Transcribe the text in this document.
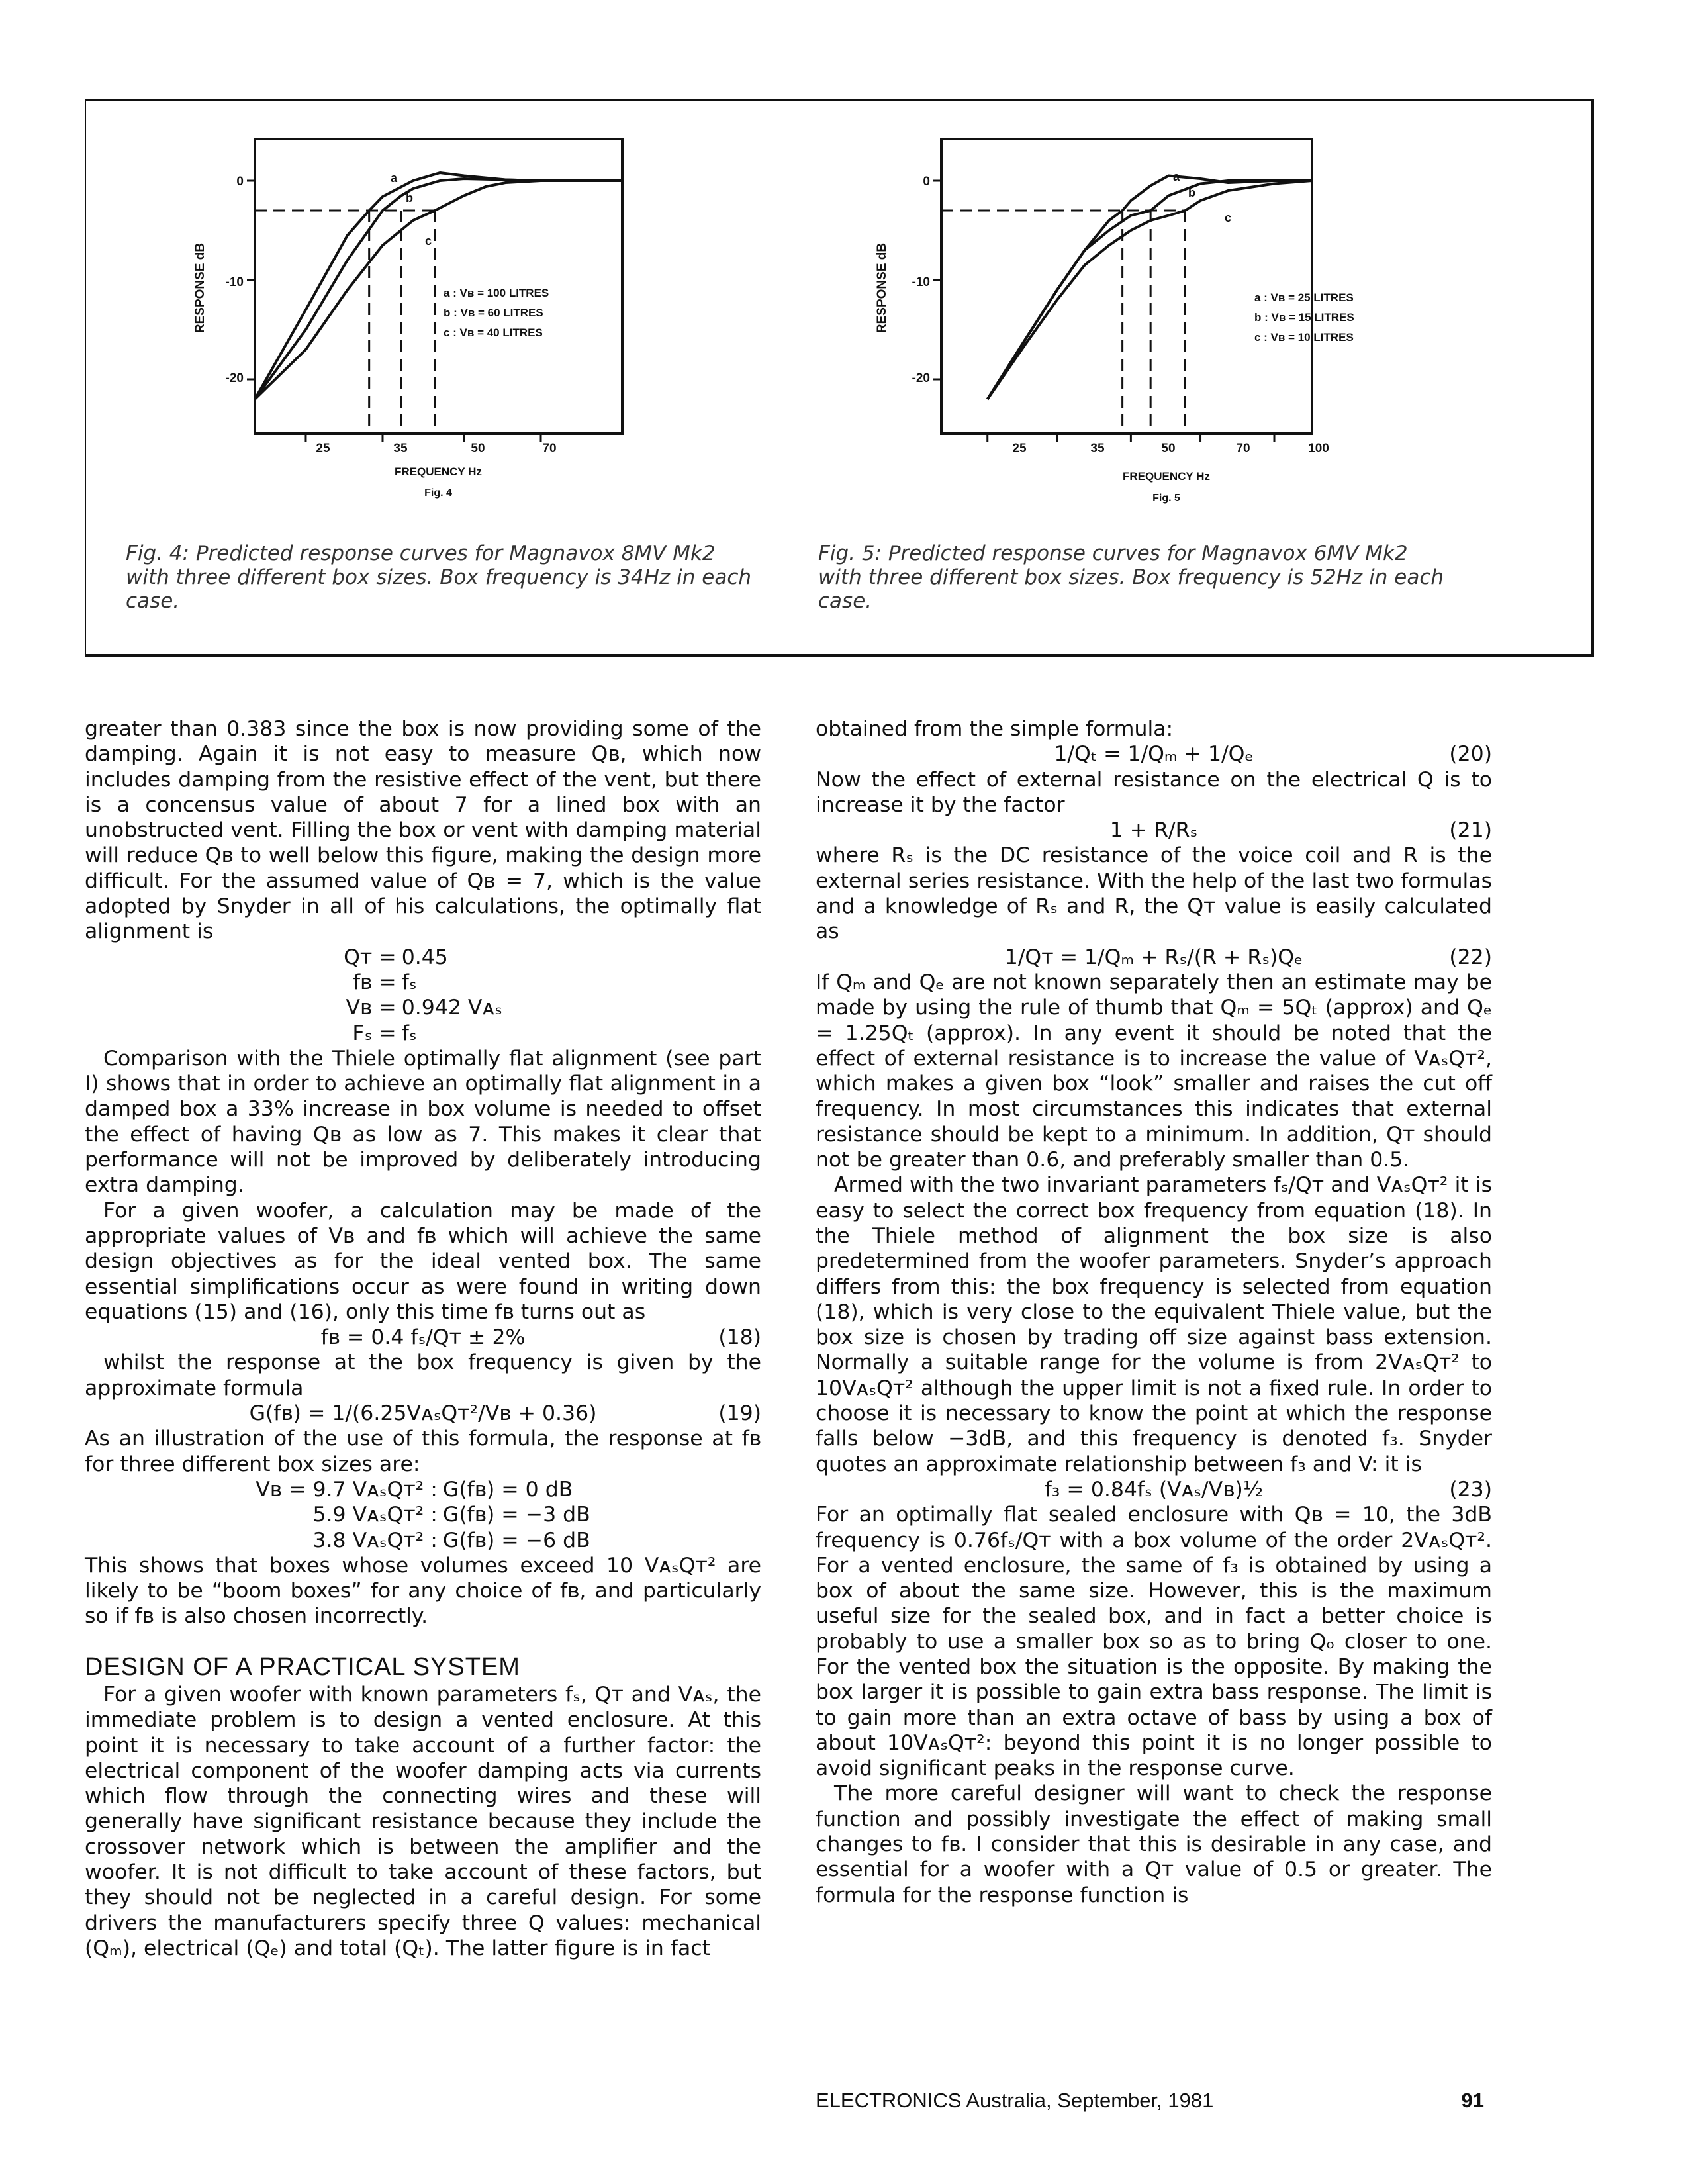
RESPONSE dB
0
-10
-20
25	35	50	70
FREQUENCY Hz
Fig. 4
a
b
c
a : Vʙ = 100 LITRES
b : Vʙ = 60 LITRES
c : Vʙ = 40 LITRES
Fig. 4: Predicted response curves for Magnavox 8MV Mk2 with three different box sizes. Box frequency is 34Hz in each case.
RESPONSE dB
0
-10
-20
25	35	50	70	100
FREQUENCY Hz
Fig. 5
a
b
c
a : Vʙ = 25 LITRES
b : Vʙ = 15 LITRES
c : Vʙ = 10 LITRES
Fig. 5: Predicted response curves for Magnavox 6MV Mk2 with three different box sizes. Box frequency is 52Hz in each case.

greater than 0.383 since the box is now providing some of the damping. Again it is not easy to measure Qʙ, which now includes damping from the resistive effect of the vent, but there is a concensus value of about 7 for a lined box with an unobstructed vent. Filling the box or vent with damping material will reduce Qʙ to well below this figure, making the design more difficult. For the assumed value of Qʙ = 7, which is the value adopted by Snyder in all of his calculations, the optimally flat alignment is

Qᴛ = 0.45
fʙ = fₛ
Vʙ = 0.942 Vᴀₛ
Fₛ = fₛ

Comparison with the Thiele optimally flat alignment (see part I) shows that in order to achieve an optimally flat alignment in a damped box a 33% increase in box volume is needed to offset the effect of having Qʙ as low as 7. This makes it clear that performance will not be improved by deliberately introducing extra damping.

For a given woofer, a calculation may be made of the appropriate values of Vʙ and fʙ which will achieve the same design objectives as for the ideal vented box. The same essential simplifications occur as were found in writing down equations (15) and (16), only this time fʙ turns out as

fʙ = 0.4 fₛ/Qᴛ ± 2%	(18)

whilst the response at the box frequency is given by the approximate formula

G(fʙ) = 1/(6.25VᴀₛQᴛ²/Vʙ + 0.36)	(19)

As an illustration of the use of this formula, the response at fʙ for three different box sizes are:

Vʙ = 9.7 VᴀₛQᴛ² : G(fʙ) = 0 dB
5.9 VᴀₛQᴛ² : G(fʙ) = −3 dB
3.8 VᴀₛQᴛ² : G(fʙ) = −6 dB

This shows that boxes whose volumes exceed 10 VᴀₛQᴛ² are likely to be “boom boxes” for any choice of fʙ, and particularly so if fʙ is also chosen incorrectly.

DESIGN OF A PRACTICAL SYSTEM

For a given woofer with known parameters fₛ, Qᴛ and Vᴀₛ, the immediate problem is to design a vented enclosure. At this point it is necessary to take account of a further factor: the electrical component of the woofer damping acts via currents which flow through the connecting wires and these will generally have significant resistance because they include the crossover network which is between the amplifier and the woofer. It is not difficult to take account of these factors, but they should not be neglected in a careful design. For some drivers the manufacturers specify three Q values: mechanical (Qₘ), electrical (Qₑ) and total (Qₜ). The latter figure is in fact

obtained from the simple formula:

1/Qₜ = 1/Qₘ + 1/Qₑ	(20)

Now the effect of external resistance on the electrical Q is to increase it by the factor

1 + R/Rₛ	(21)

where Rₛ is the DC resistance of the voice coil and R is the external series resistance. With the help of the last two formulas and a knowledge of Rₛ and R, the Qᴛ value is easily calculated as

1/Qᴛ = 1/Qₘ + Rₛ/(R + Rₛ)Qₑ	(22)

If Qₘ and Qₑ are not known separately then an estimate may be made by using the rule of thumb that Qₘ = 5Qₜ (approx) and Qₑ = 1.25Qₜ (approx). In any event it should be noted that the effect of external resistance is to increase the value of VᴀₛQᴛ², which makes a given box “look” smaller and raises the cut off frequency. In most circumstances this indicates that external resistance should be kept to a minimum. In addition, Qᴛ should not be greater than 0.6, and preferably smaller than 0.5.

Armed with the two invariant parameters fₛ/Qᴛ and VᴀₛQᴛ² it is easy to select the correct box frequency from equation (18). In the Thiele method of alignment the box size is also predetermined from the woofer parameters. Snyder’s approach differs from this: the box frequency is selected from equation (18), which is very close to the equivalent Thiele value, but the box size is chosen by trading off size against bass extension. Normally a suitable range for the volume is from 2VᴀₛQᴛ² to 10VᴀₛQᴛ² although the upper limit is not a fixed rule. In order to choose it is necessary to know the point at which the response falls below −3dB, and this frequency is denoted f₃. Snyder quotes an approximate relationship between f₃ and V: it is

f₃ = 0.84fₛ (Vᴀₛ/Vʙ)½	(23)

For an optimally flat sealed enclosure with Qʙ = 10, the 3dB frequency is 0.76fₛ/Qᴛ with a box volume of the order 2VᴀₛQᴛ². For a vented enclosure, the same of f₃ is obtained by using a box of about the same size. However, this is the maximum useful size for the sealed box, and in fact a better choice is probably to use a smaller box so as to bring Qₒ closer to one. For the vented box the situation is the opposite. By making the box larger it is possible to gain extra bass response. The limit is to gain more than an extra octave of bass by using a box of about 10VᴀₛQᴛ²: beyond this point it is no longer possible to avoid significant peaks in the response curve.

The more careful designer will want to check the response function and possibly investigate the effect of making small changes to fʙ. I consider that this is desirable in any case, and essential for a woofer with a Qᴛ value of 0.5 or greater. The formula for the response function is

ELECTRONICS Australia, September, 1981	91
